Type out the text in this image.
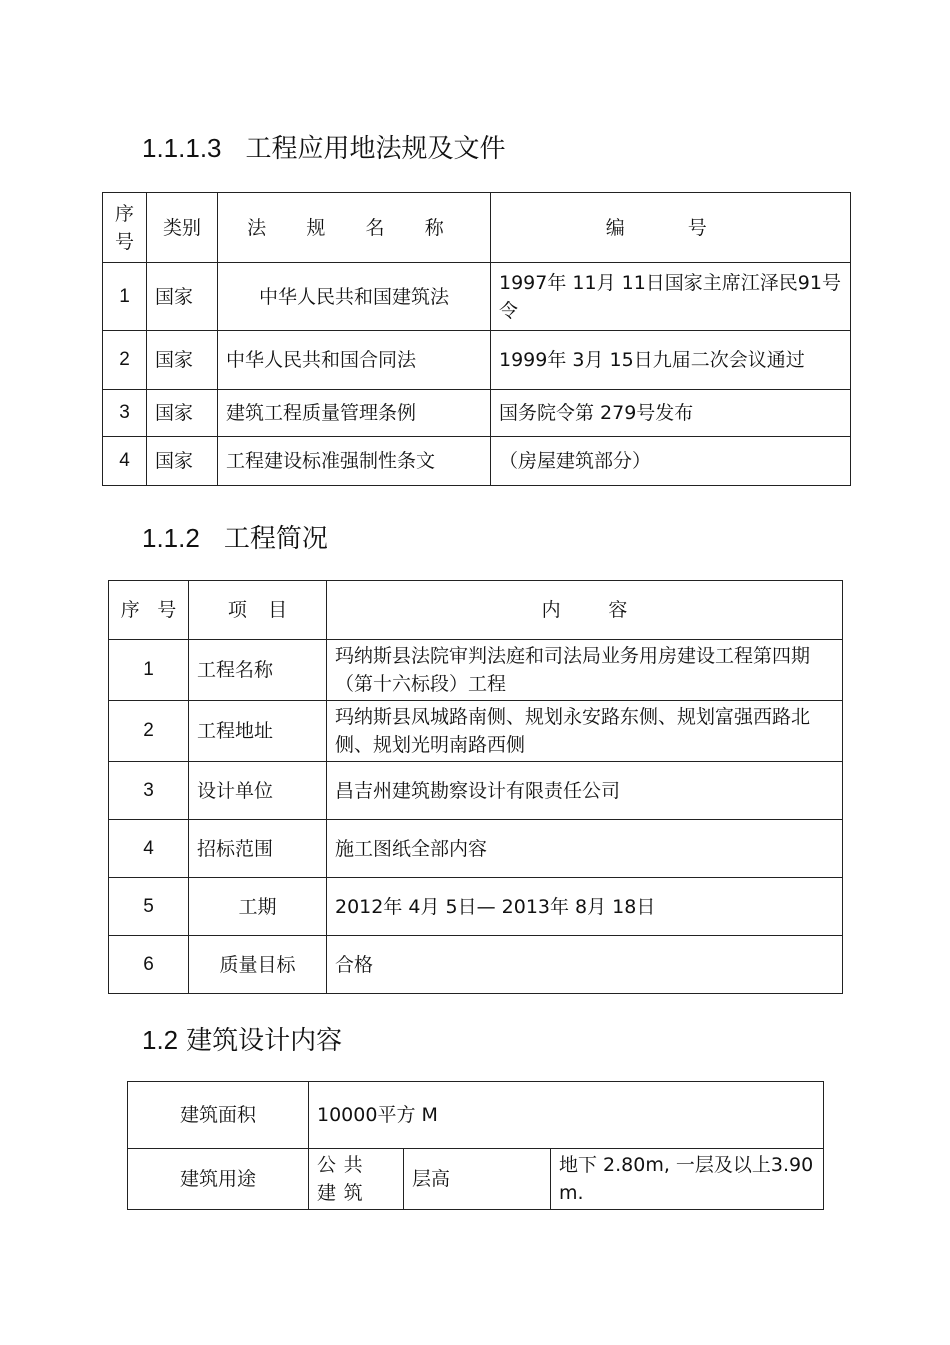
1.1.1.3 工程应用地法规及文件
序号	类别	法 规 名 称	编 号
1	国家	中华人民共和国建筑法	1997年 11月 11日国家主席江泽民91号令
2	国家	中华人民共和国合同法	1999年 3月 15日九届二次会议通过
3	国家	建筑工程质量管理条例	国务院令第 279号发布
4	国家	工程建设标准强制性条文	（房屋建筑部分）
1.1.2 工程简况
序 号	项 目	内 容
1	工程名称	玛纳斯县法院审判法庭和司法局业务用房建设工程第四期（第十六标段）工程
2	工程地址	玛纳斯县凤城路南侧、规划永安路东侧、规划富强西路北侧、规划光明南路西侧
3	设计单位	昌吉州建筑勘察设计有限责任公司
4	招标范围	施工图纸全部内容
5	工期	2012年 4月 5日— 2013年 8月 18日
6	质量目标	合格
1.2 建筑设计内容
建筑面积	10000平方 M		
建筑用途	公共建筑	层高	地下 2.80m, 一层及以上3.90m.
